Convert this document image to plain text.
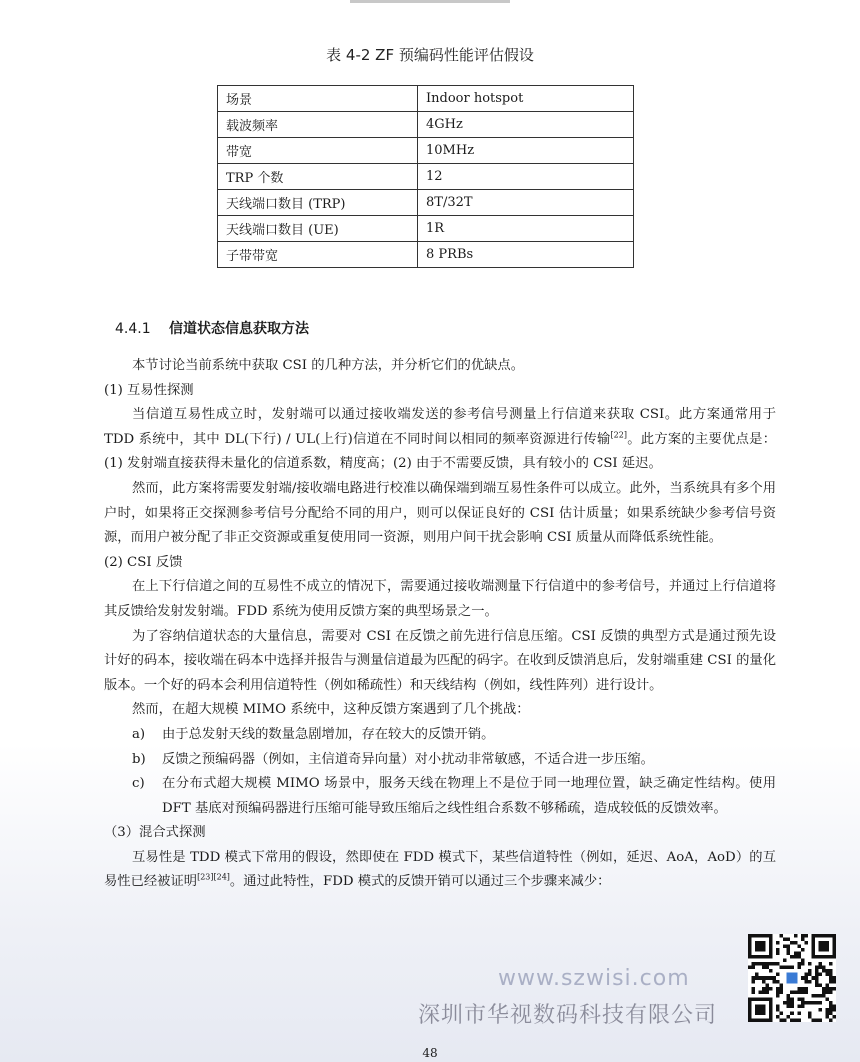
表 4-2 ZF 预编码性能评估假设
场景	Indoor hotspot
载波频率	4GHz
带宽	10MHz
TRP 个数	12
天线端口数目 (TRP)	8T/32T
天线端口数目 (UE)	1R
子带带宽	8 PRBs
4.4.1 信道状态信息获取方法

本节讨论当前系统中获取 CSI 的几种方法，并分析它们的优缺点。

(1) 互易性探测

当信道互易性成立时，发射端可以通过接收端发送的参考信号测量上行信道来获取 CSI。此方案通常用于 TDD 系统中，其中 DL(下行) / UL(上行)信道在不同时间以相同的频率资源进行传输[22]。此方案的主要优点是：(1) 发射端直接获得未量化的信道系数，精度高；(2) 由于不需要反馈，具有较小的 CSI 延迟。

然而，此方案将需要发射端/接收端电路进行校准以确保端到端互易性条件可以成立。此外，当系统具有多个用户时，如果将正交探测参考信号分配给不同的用户，则可以保证良好的 CSI 估计质量；如果系统缺少参考信号资源，而用户被分配了非正交资源或重复使用同一资源，则用户间干扰会影响 CSI 质量从而降低系统性能。

(2) CSI 反馈

在上下行信道之间的互易性不成立的情况下，需要通过接收端测量下行信道中的参考信号，并通过上行信道将其反馈给发射发射端。FDD 系统为使用反馈方案的典型场景之一。

为了容纳信道状态的大量信息，需要对 CSI 在反馈之前先进行信息压缩。CSI 反馈的典型方式是通过预先设计好的码本，接收端在码本中选择并报告与测量信道最为匹配的码字。在收到反馈消息后，发射端重建 CSI 的量化版本。一个好的码本会利用信道特性（例如稀疏性）和天线结构（例如，线性阵列）进行设计。

然而，在超大规模 MIMO 系统中，这种反馈方案遇到了几个挑战：

a)	由于总发射天线的数量急剧增加，存在较大的反馈开销。
b)	反馈之预编码器（例如，主信道奇异向量）对小扰动非常敏感，不适合进一步压缩。
c)	在分布式超大规模 MIMO 场景中，服务天线在物理上不是位于同一地理位置，缺乏确定性结构。使用 DFT 基底对预编码器进行压缩可能导致压缩后之线性组合系数不够稀疏，造成较低的反馈效率。

（3）混合式探测

互易性是 TDD 模式下常用的假设，然即使在 FDD 模式下，某些信道特性（例如，延迟、AoA，AoD）的互易性已经被证明[23][24]。通过此特性，FDD 模式的反馈开销可以通过三个步骤来减少：

www.szwisi.com
深圳市华视数码科技有限公司
48
